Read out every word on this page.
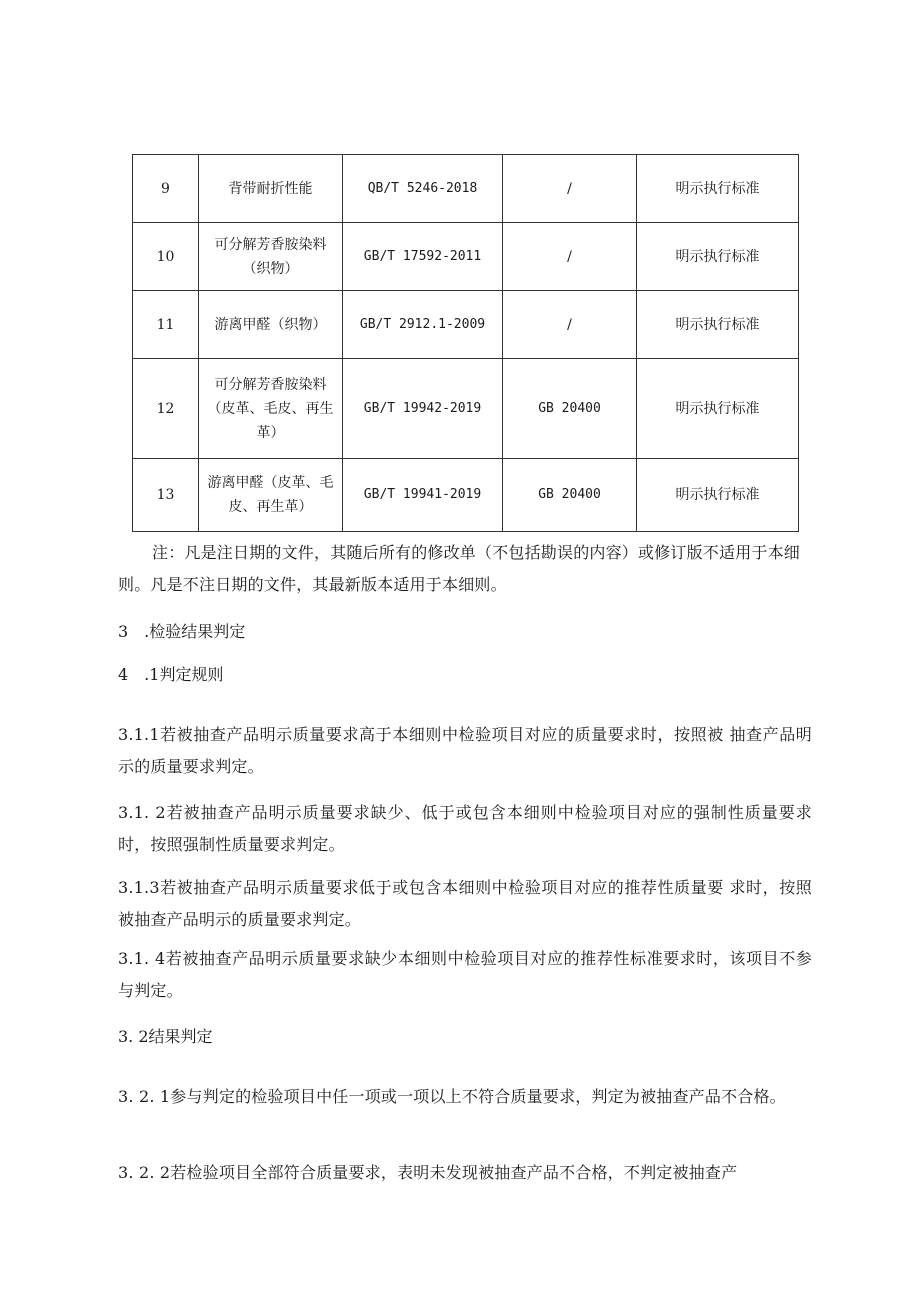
9	背带耐折性能	QB/T 5246-2018	/	明示执行标准
10	可分解芳香胺染料（织物）	GB/T 17592-2011	/	明示执行标准
11	游离甲醛（织物）	GB/T 2912.1-2009	/	明示执行标准
12	可分解芳香胺染料（皮革、毛皮、再生革）	GB/T 19942-2019	GB 20400	明示执行标准
13	游离甲醛（皮革、毛皮、再生革）	GB/T 19941-2019	GB 20400	明示执行标准

注：凡是注日期的文件，其随后所有的修改单（不包括勘误的内容）或修订版不适用于本细则。凡是不注日期的文件，其最新版本适用于本细则。

3　.检验结果判定

4　.1判定规则

3.1.1若被抽查产品明示质量要求高于本细则中检验项目对应的质量要求时，按照被 抽查产品明示的质量要求判定。

3.1. 2若被抽查产品明示质量要求缺少、低于或包含本细则中检验项目对应的强制性质量要求时，按照强制性质量要求判定。

3.1.3若被抽查产品明示质量要求低于或包含本细则中检验项目对应的推荐性质量要 求时，按照被抽查产品明示的质量要求判定。

3.1. 4若被抽查产品明示质量要求缺少本细则中检验项目对应的推荐性标准要求时，该项目不参与判定。

3. 2结果判定

3. 2. 1参与判定的检验项目中任一项或一项以上不符合质量要求，判定为被抽查产品不合格。

3. 2. 2若检验项目全部符合质量要求，表明未发现被抽查产品不合格，不判定被抽查产
